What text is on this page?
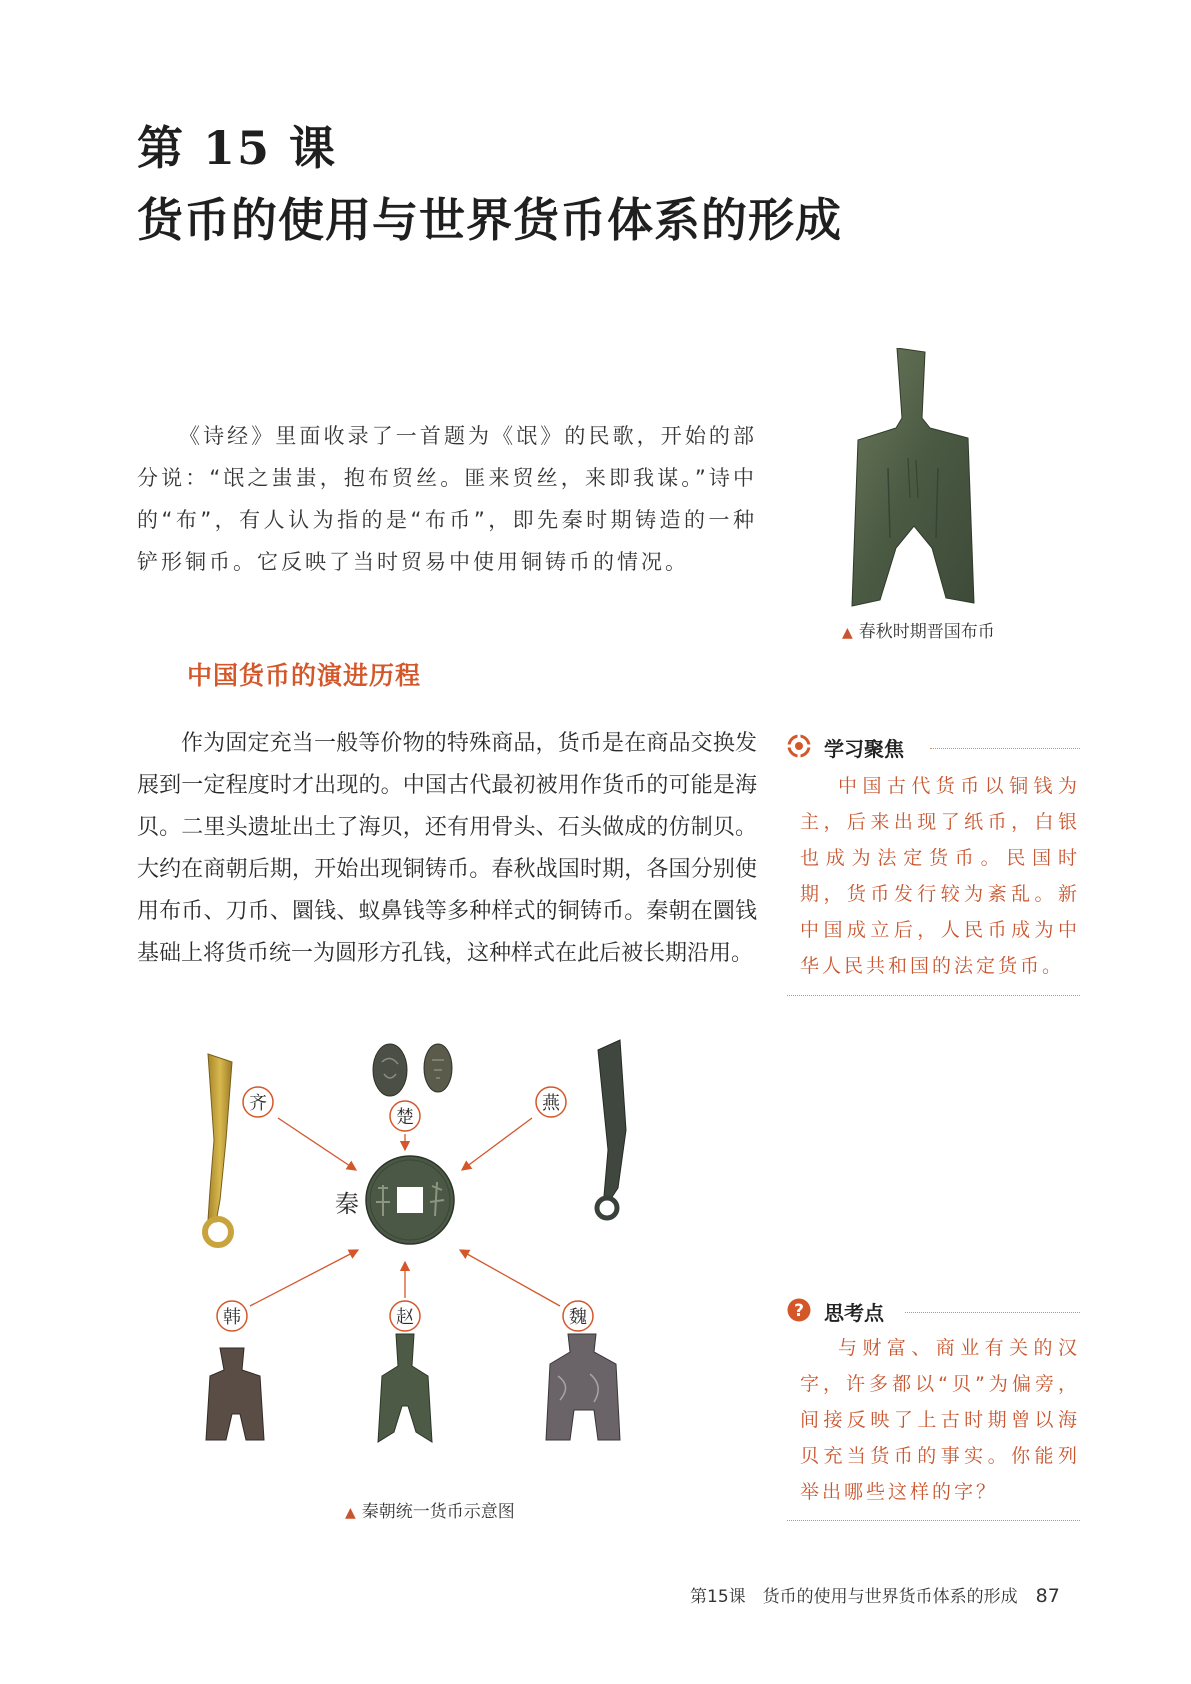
第 15 课
货币的使用与世界货币体系的形成

《诗经》里面收录了一首题为《氓》的民歌，开始的部分说：“氓之蚩蚩，抱布贸丝。匪来贸丝，来即我谋。”诗中的“布”，有人认为指的是“布币”，即先秦时期铸造的一种铲形铜币。它反映了当时贸易中使用铜铸币的情况。

▲ 春秋时期晋国布币
中国货币的演进历程

作为固定充当一般等价物的特殊商品，货币是在商品交换发展到一定程度时才出现的。中国古代最初被用作货币的可能是海贝。二里头遗址出土了海贝，还有用骨头、石头做成的仿制贝。大约在商朝后期，开始出现铜铸币。春秋战国时期，各国分别使用布币、刀币、圜钱、蚁鼻钱等多种样式的铜铸币。秦朝在圜钱基础上将货币统一为圆形方孔钱，这种样式在此后被长期沿用。

学习聚焦

中国古代货币以铜钱为主，后来出现了纸币，白银也成为法定货币。民国时期，货币发行较为紊乱。新中国成立后，人民币成为中华人民共和国的法定货币。

? 思考点

与财富、商业有关的汉字，许多都以“贝”为偏旁，间接反映了上古时期曾以海贝充当货币的事实。你能列举出哪些这样的字？

秦
齐
楚
燕
韩	赵	魏
▲ 秦朝统一货币示意图
第15课　货币的使用与世界货币体系的形成 87
